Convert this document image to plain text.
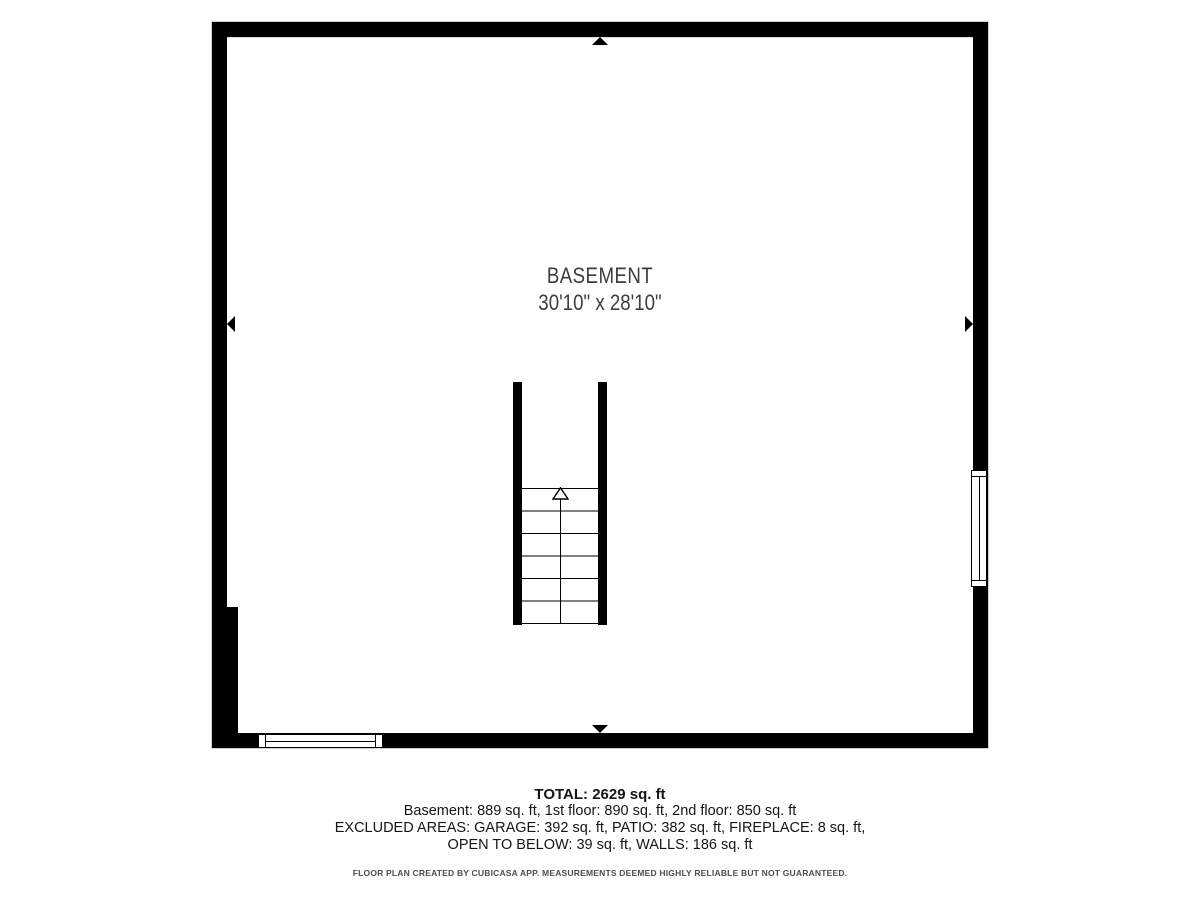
BASEMENT
30'10" x 28'10"
TOTAL: 2629 sq. ft
Basement: 889 sq. ft, 1st floor: 890 sq. ft, 2nd floor: 850 sq. ft
EXCLUDED AREAS: GARAGE: 392 sq. ft, PATIO: 382 sq. ft, FIREPLACE: 8 sq. ft,
OPEN TO BELOW: 39 sq. ft, WALLS: 186 sq. ft
FLOOR PLAN CREATED BY CUBICASA APP. MEASUREMENTS DEEMED HIGHLY RELIABLE BUT NOT GUARANTEED.
